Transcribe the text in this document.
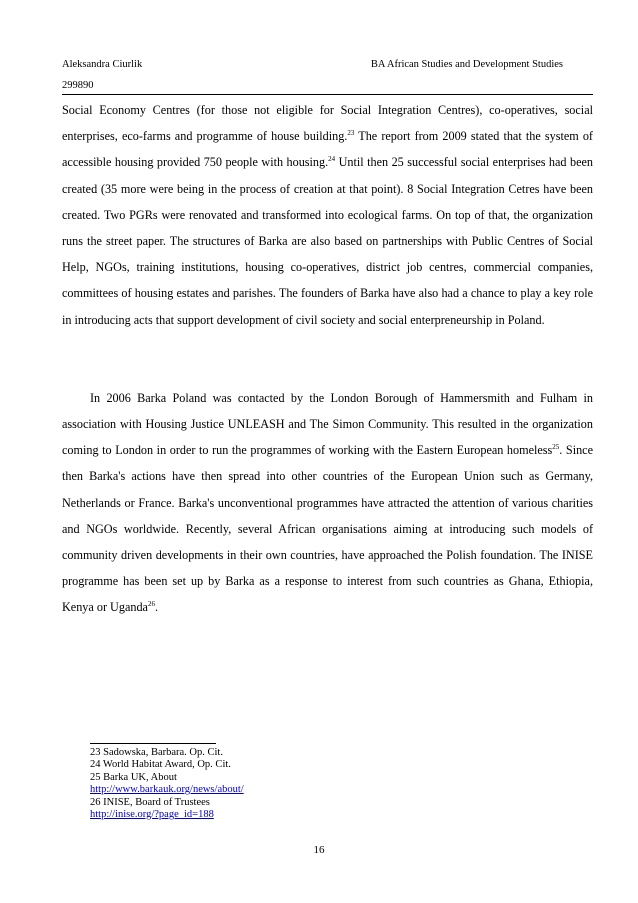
Aleksandra Ciurlik	BA African Studies and Development Studies
299890

Social Economy Centres (for those not eligible for Social Integration Centres), co-operatives, social enterprises, eco-farms and programme of house building.$^{23}$ The report from 2009 stated that the system of accessible housing provided 750 people with housing.$^{24}$ Until then 25 successful social enterprises had been created (35 more were being in the process of creation at that point). 8 Social Integration Cetres have been created. Two PGRs were renovated and transformed into ecological farms. On top of that, the organization runs the street paper. The structures of Barka are also based on partnerships with Public Centres of Social Help, NGOs, training institutions, housing co-operatives, district job centres, commercial companies, committees of housing estates and parishes. The founders of Barka have also had a chance to play a key role in introducing acts that support development of civil society and social enterpreneurship in Poland.

In 2006 Barka Poland was contacted by the London Borough of Hammersmith and Fulham in association with Housing Justice UNLEASH and The Simon Community. This resulted in the organization coming to London in order to run the programmes of working with the Eastern European homeless$^{25}$. Since then Barka's actions have then spread into other countries of the European Union such as Germany, Netherlands or France. Barka's unconventional programmes have attracted the attention of various charities and NGOs worldwide. Recently, several African organisations aiming at introducing such models of community driven developments in their own countries, have approached the Polish foundation. The INISE programme has been set up by Barka as a response to interest from such countries as Ghana, Ethiopia, Kenya or Uganda$^{26}$.

23 Sadowska, Barbara. Op. Cit.
24 World Habitat Award, Op. Cit.
25 Barka UK, About
http://www.barkauk.org/news/about/
26 INISE, Board of Trustees
http://inise.org/?page_id=188
16
